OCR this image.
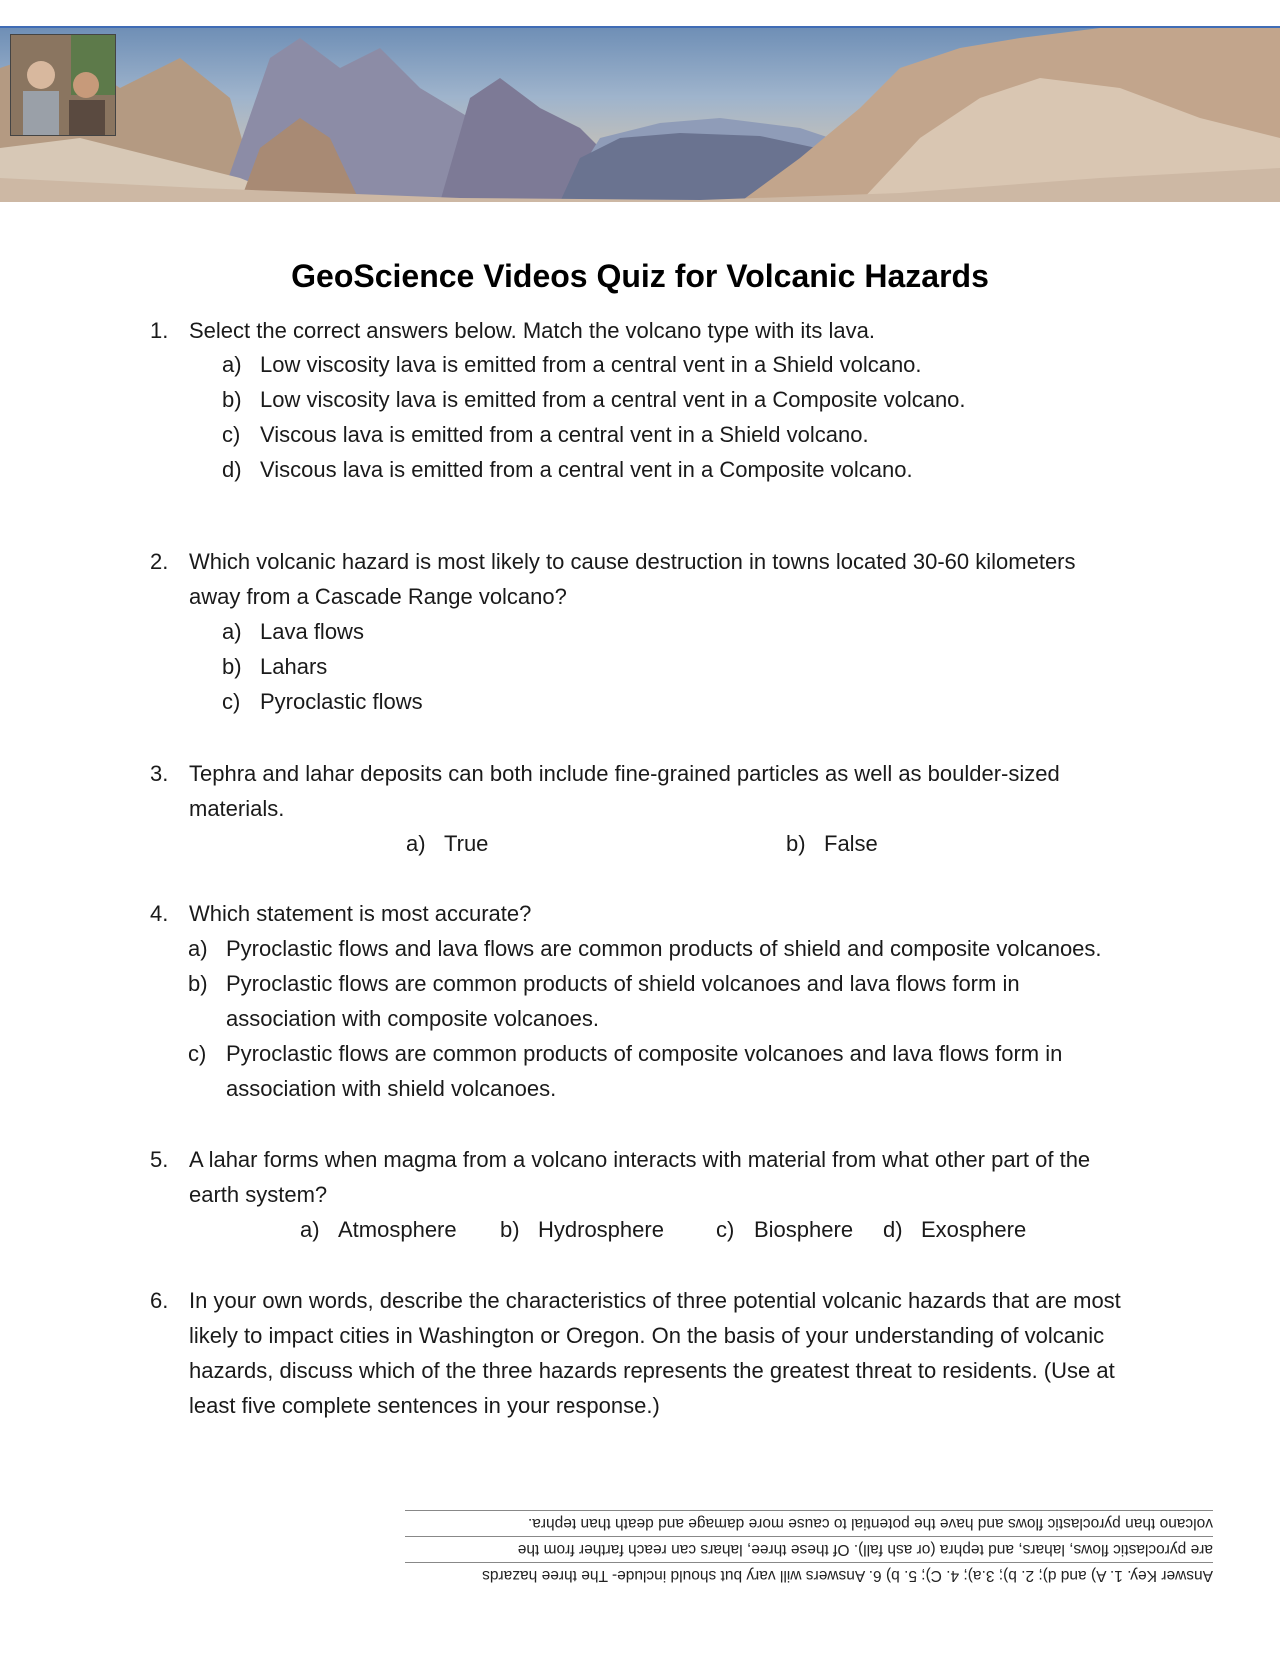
GeoScience Videos Quiz for Volcanic Hazards
1. Select the correct answers below. Match the volcano type with its lava.
a) Low viscosity lava is emitted from a central vent in a Shield volcano.
b) Low viscosity lava is emitted from a central vent in a Composite volcano.
c) Viscous lava is emitted from a central vent in a Shield volcano.
d) Viscous lava is emitted from a central vent in a Composite volcano.
2. Which volcanic hazard is most likely to cause destruction in towns located 30-60 kilometers away from a Cascade Range volcano?
a) Lava flows
b) Lahars
c) Pyroclastic flows
3. Tephra and lahar deposits can both include fine-grained particles as well as boulder-sized materials.
a) True	b) False
4. Which statement is most accurate?
a) Pyroclastic flows and lava flows are common products of shield and composite volcanoes.
b) Pyroclastic flows are common products of shield volcanoes and lava flows form in
association with composite volcanoes.
c) Pyroclastic flows are common products of composite volcanoes and lava flows form in
association with shield volcanoes.
5. A lahar forms when magma from a volcano interacts with material from what other part of the earth system?
a) Atmosphere b) Hydrosphere c) Biosphere d) Exosphere
6. In your own words, describe the characteristics of three potential volcanic hazards that are most likely to impact cities in Washington or Oregon. On the basis of your understanding of volcanic hazards, discuss which of the three hazards represents the greatest threat to residents. (Use at least five complete sentences in your response.)
Answer Key. 1. A) and d); 2. b); 3.a); 4. C); 5. b) 6. Answers will vary but should include- The three hazards
are pyroclastic flows, lahars, and tephra (or ash fall). Of these three, lahars can reach farther from the
volcano than pyroclastic flows and have the potential to cause more damage and death than tephra.
